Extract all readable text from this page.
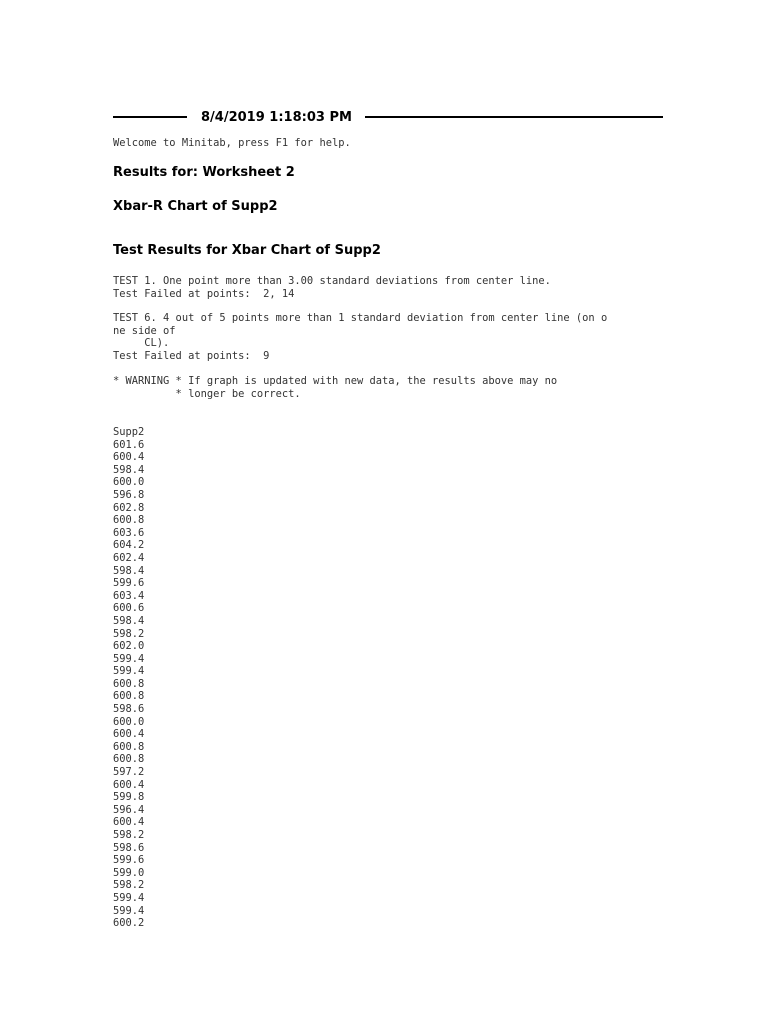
8/4/2019 1:18:03 PM
Welcome to Minitab, press F1 for help.
Results for: Worksheet 2
Xbar-R Chart of Supp2
Test Results for Xbar Chart of Supp2
TEST 1. One point more than 3.00 standard deviations from center line.
Test Failed at points:  2, 14
TEST 6. 4 out of 5 points more than 1 standard deviation from center line (on o
ne side of
CL).
Test Failed at points:  9
* WARNING * If graph is updated with new data, the results above may no
* longer be correct.
Supp2
601.6
600.4
598.4
600.0
596.8
602.8
600.8
603.6
604.2
602.4
598.4
599.6
603.4
600.6
598.4
598.2
602.0
599.4
599.4
600.8
600.8
598.6
600.0
600.4
600.8
600.8
597.2
600.4
599.8
596.4
600.4
598.2
598.6
599.6
599.0
598.2
599.4
599.4
600.2
